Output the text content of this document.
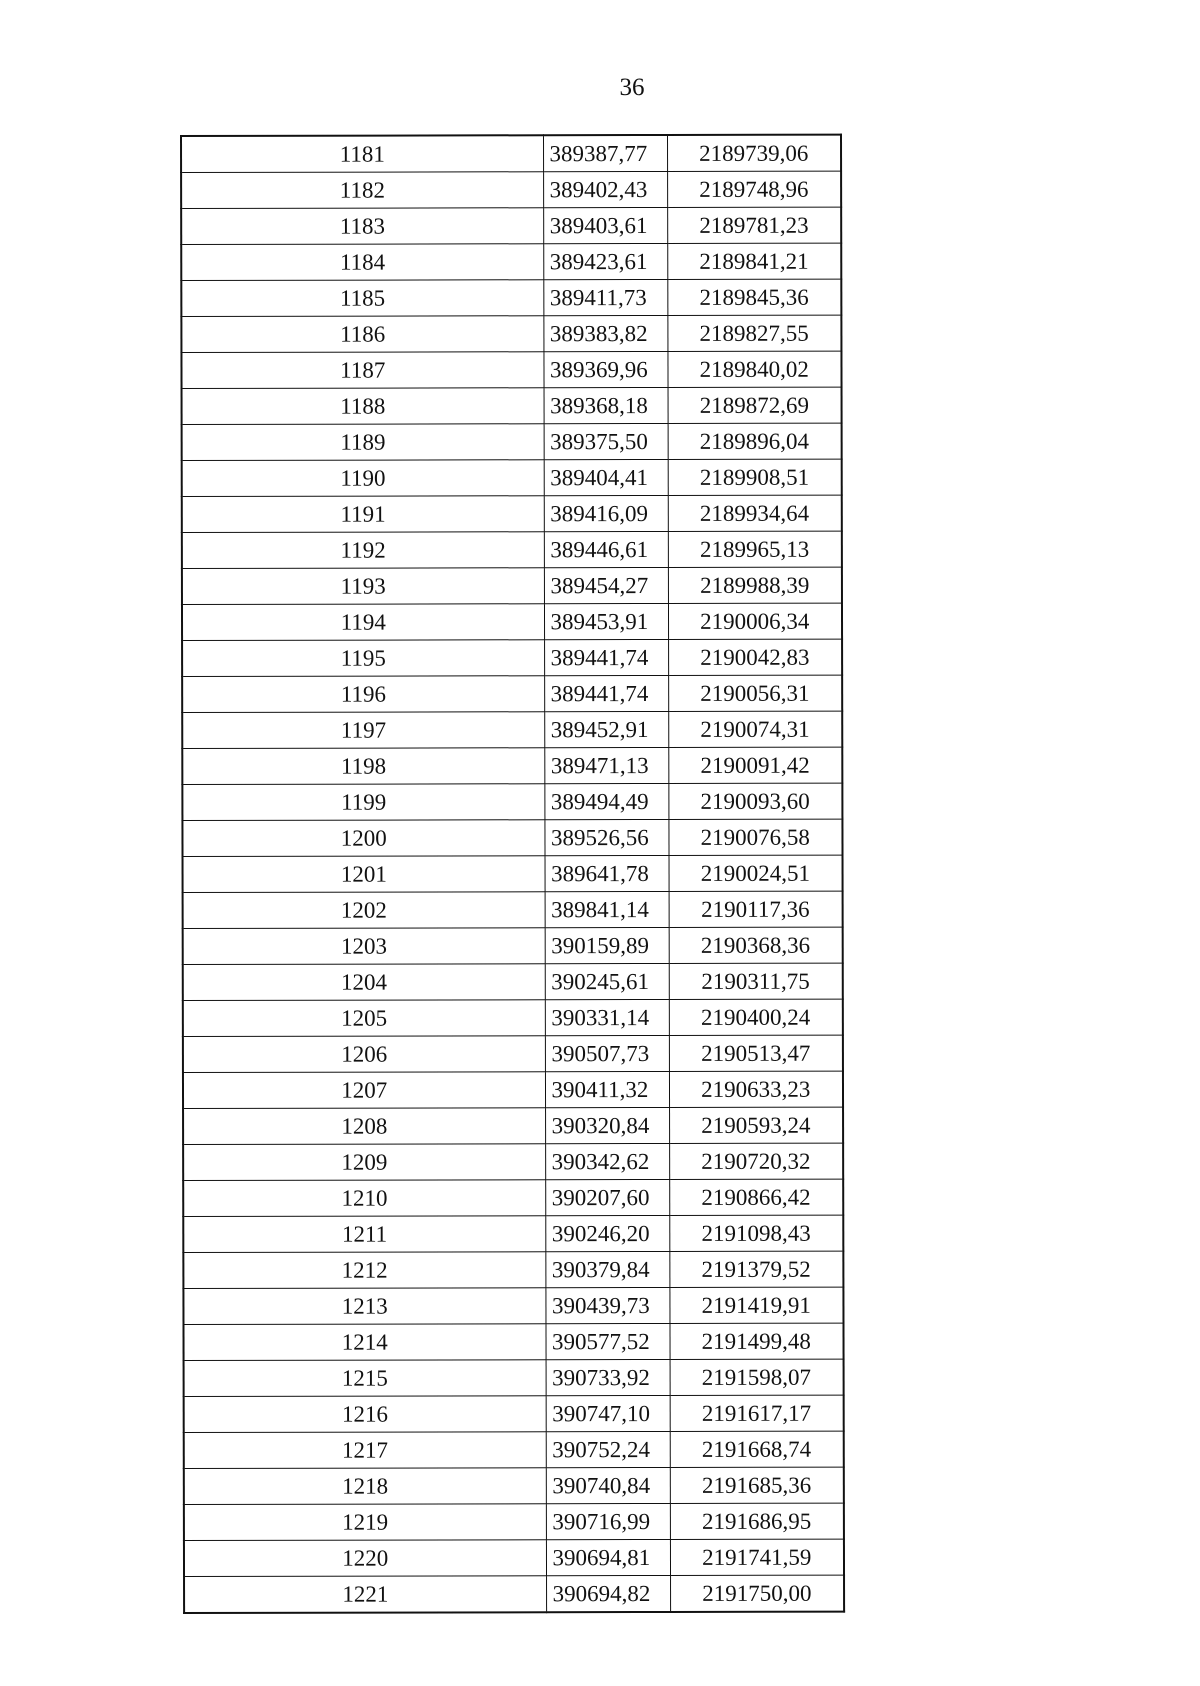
36
1181	389387,77	2189739,06
1182	389402,43	2189748,96
1183	389403,61	2189781,23
1184	389423,61	2189841,21
1185	389411,73	2189845,36
1186	389383,82	2189827,55
1187	389369,96	2189840,02
1188	389368,18	2189872,69
1189	389375,50	2189896,04
1190	389404,41	2189908,51
1191	389416,09	2189934,64
1192	389446,61	2189965,13
1193	389454,27	2189988,39
1194	389453,91	2190006,34
1195	389441,74	2190042,83
1196	389441,74	2190056,31
1197	389452,91	2190074,31
1198	389471,13	2190091,42
1199	389494,49	2190093,60
1200	389526,56	2190076,58
1201	389641,78	2190024,51
1202	389841,14	2190117,36
1203	390159,89	2190368,36
1204	390245,61	2190311,75
1205	390331,14	2190400,24
1206	390507,73	2190513,47
1207	390411,32	2190633,23
1208	390320,84	2190593,24
1209	390342,62	2190720,32
1210	390207,60	2190866,42
1211	390246,20	2191098,43
1212	390379,84	2191379,52
1213	390439,73	2191419,91
1214	390577,52	2191499,48
1215	390733,92	2191598,07
1216	390747,10	2191617,17
1217	390752,24	2191668,74
1218	390740,84	2191685,36
1219	390716,99	2191686,95
1220	390694,81	2191741,59
1221	390694,82	2191750,00
